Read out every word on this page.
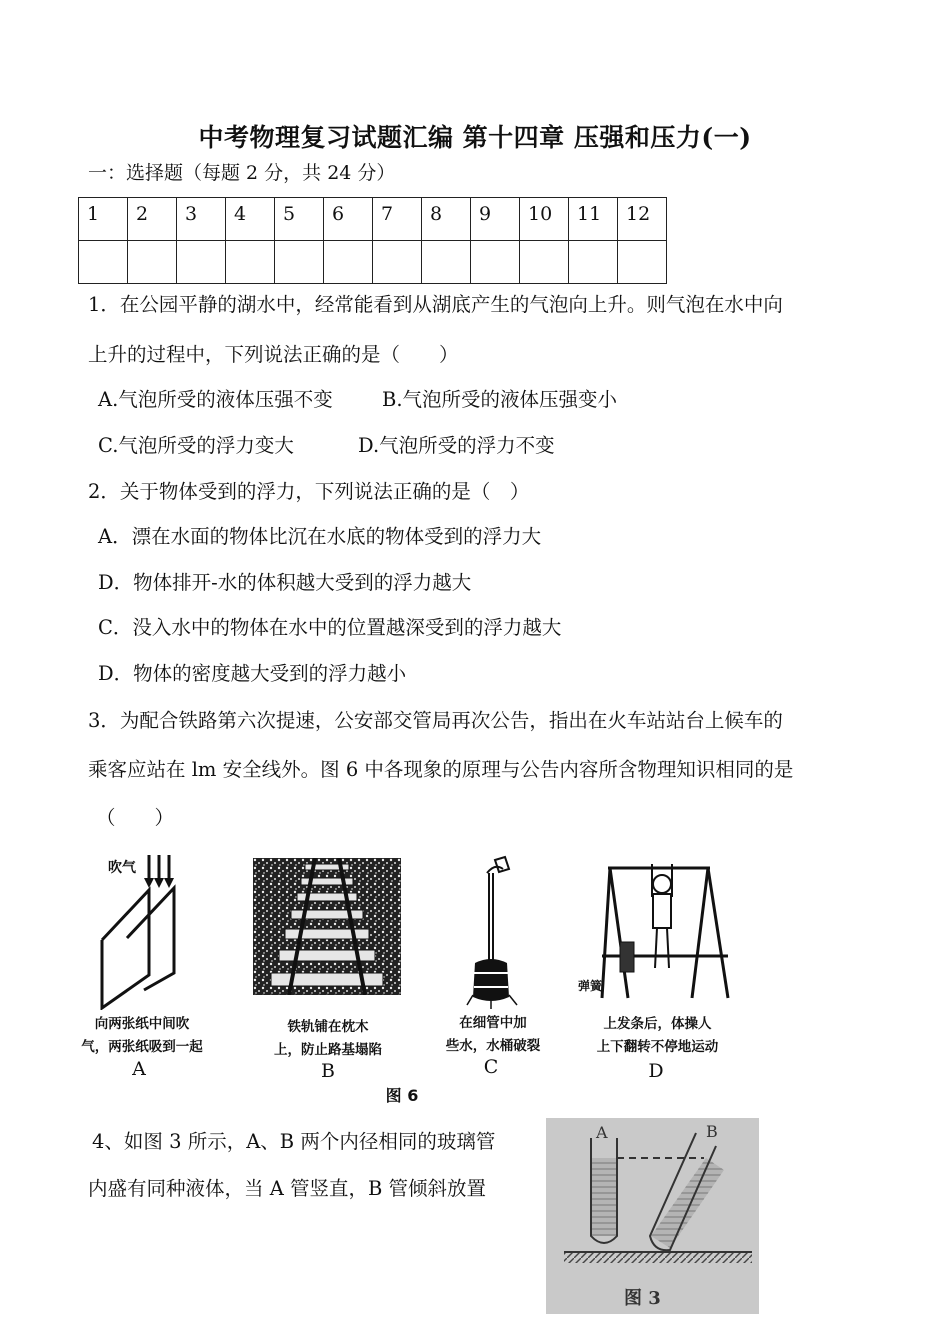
中考物理复习试题汇编 第十四章 压强和压力(一)
一：选择题（每题 2 分，共 24 分）
1	2	3	4	5	6	7	8	9	10	11	12

1．在公园平静的湖水中，经常能看到从湖底产生的气泡向上升。则气泡在水中向
上升的过程中，下列说法正确的是（　　）
A.气泡所受的液体压强不变	B.气泡所受的液体压强变小
C.气泡所受的浮力变大	D.气泡所受的浮力不变
2．关于物体受到的浮力，下列说法正确的是（　）
A．漂在水面的物体比沉在水底的物体受到的浮力大
D．物体排开-水的体积越大受到的浮力越大
C．没入水中的物体在水中的位置越深受到的浮力越大
D．物体的密度越大受到的浮力越小
3．为配合铁路第六次提速，公安部交管局再次公告，指出在火车站站台上候车的
乘客应站在 lm 安全线外。图 6 中各现象的原理与公告内容所含物理知识相同的是
（　　）
吹气
向两张纸中间吹
气，两张纸吸到一起
A
铁轨铺在枕木
上，防止路基塌陷
B
在细管中加
些水，水桶破裂
C
弹簧
上发条后，体操人
上下翻转不停地运动
D
图 6
4、如图 3 所示，A、B 两个内径相同的玻璃管
内盛有同种液体，当 A 管竖直，B 管倾斜放置
A	B
图 3
